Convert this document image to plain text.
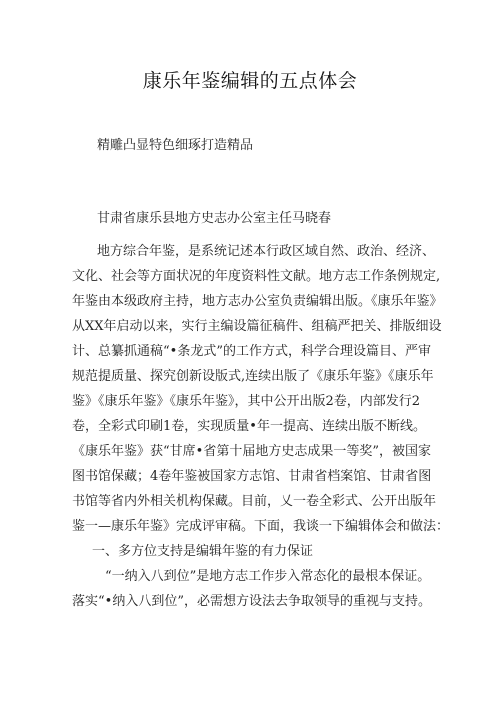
康乐年鉴编辑的五点体会
精雕凸显特色细琢打造精品
甘肃省康乐县地方史志办公室主任马晓春
地方综合年鉴，是系统记述本行政区域自然、政治、经济、
文化、社会等方面状况的年度资料性文献。地方志工作条例规定,
年鉴由本级政府主持，地方志办公室负责编辑出版。《康乐年鉴》
从XX年启动以来，实行主编设篇征稿件、组稿严把关、排版细设
计、总纂抓通稿“•条龙式”的工作方式，科学合理设篇目、严审
规范提质量、探究创新设版式,连续出版了《康乐年鉴》《康乐年
鉴》《康乐年鉴》《康乐年鉴》，其中公开出版2卷，内部发行2
卷，全彩式印刷1卷，实现质量•年一提高、连续出版不断线。
《康乐年鉴》获“甘席•省第十届地方史志成果一等奖”，被国家
图书馆保藏；4卷年鉴被国家方志馆、甘肃省档案馆、甘肃省图
书馆等省内外相关机构保藏。目前，乂一卷全彩式、公开出版年
鉴一—康乐年鉴》完成评审稿。下面，我谈一下编辑体会和做法：
一、多方位支持是编辑年鉴的有力保证
“一纳入八到位”是地方志工作步入常态化的最根本保证。
落实“•纳入八到位”，必需想方设法去争取领导的重视与支持。
